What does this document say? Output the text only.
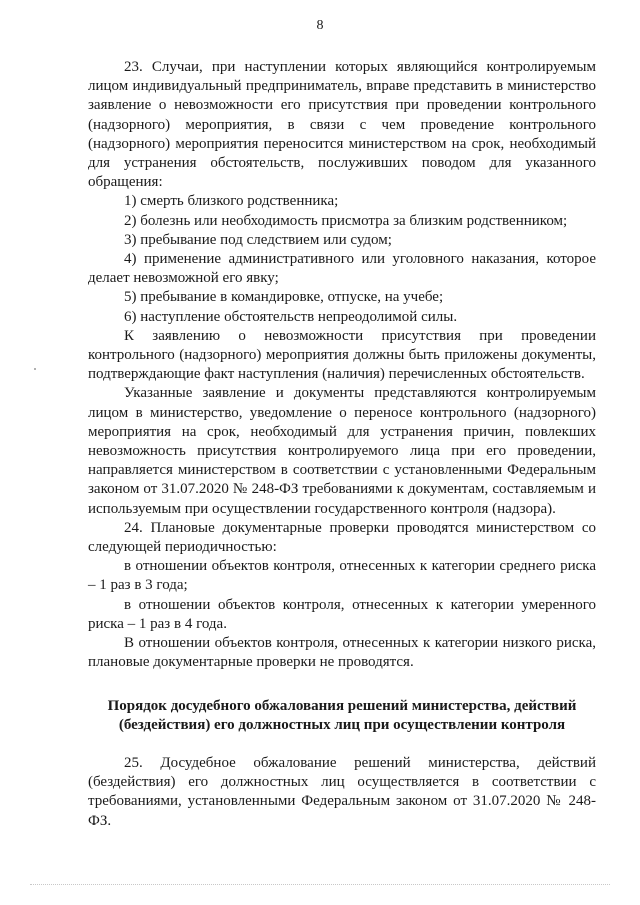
8

23. Случаи, при наступлении которых являющийся контролируемым лицом индивидуальный предприниматель, вправе представить в министерство заявление о невозможности его присутствия при проведении контрольного (надзорного) мероприятия, в связи с чем проведение контрольного (надзорного) мероприятия переносится министерством на срок, необходимый для устранения обстоятельств, послуживших поводом для указанного обращения:

1) смерть близкого родственника;

2) болезнь или необходимость присмотра за близким родственником;

3) пребывание под следствием или судом;

4) применение административного или уголовного наказания, которое делает невозможной его явку;

5) пребывание в командировке, отпуске, на учебе;

6) наступление обстоятельств непреодолимой силы.

К заявлению о невозможности присутствия при проведении контрольного (надзорного) мероприятия должны быть приложены документы, подтверждающие факт наступления (наличия) перечисленных обстоятельств.

Указанные заявление и документы представляются контролируемым лицом в министерство, уведомление о переносе контрольного (надзорного) мероприятия на срок, необходимый для устранения причин, повлекших невозможность присутствия контролируемого лица при его проведении, направляется министерством в соответствии с установленными Федеральным законом от 31.07.2020 № 248-ФЗ требованиями к документам, составляемым и используемым при осуществлении государственного контроля (надзора).

24. Плановые документарные проверки проводятся министерством со следующей периодичностью:

в отношении объектов контроля, отнесенных к категории среднего риска – 1 раз в 3 года;

в отношении объектов контроля, отнесенных к категории умеренного риска – 1 раз в 4 года.

В отношении объектов контроля, отнесенных к категории низкого риска, плановые документарные проверки не проводятся.

Порядок досудебного обжалования решений министерства, действий (бездействия) его должностных лиц при осуществлении контроля

25. Досудебное обжалование решений министерства, действий (бездействия) его должностных лиц осуществляется в соответствии с требованиями, установленными Федеральным законом от 31.07.2020 № 248-ФЗ.
